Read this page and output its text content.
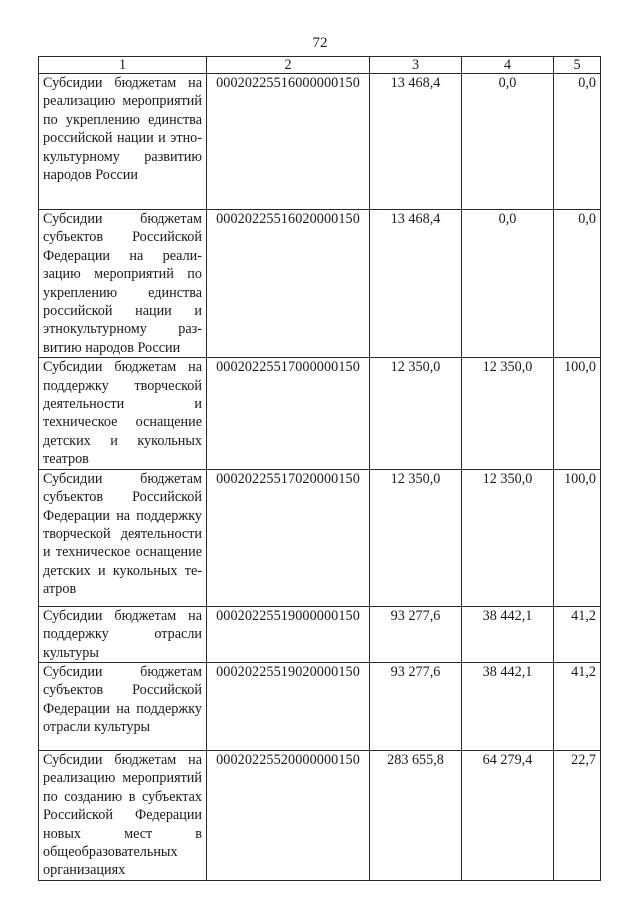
72
1	2	3	4	5
Субсидии бюджетам на реализацию мероприятий по укреплению единства российской нации и этнокультурному развитию народов России	00020225516000000150	13 468,4	0,0	0,0
Субсидии бюджетам субъектов Российской Федерации на реализацию мероприятий по укреплению единства российской нации и этнокультурному развитию народов России	00020225516020000150	13 468,4	0,0	0,0
Субсидии бюджетам на поддержку творческой деятельности и техническое оснащение детских и кукольных театров	00020225517000000150	12 350,0	12 350,0	100,0
Субсидии бюджетам субъектов Российской Федерации на поддержку творческой деятельности и техническое оснащение детских и кукольных театров	00020225517020000150	12 350,0	12 350,0	100,0
Субсидии бюджетам на поддержку отрасли культуры	00020225519000000150	93 277,6	38 442,1	41,2
Субсидии бюджетам субъектов Российской Федерации на поддержку отрасли культуры	00020225519020000150	93 277,6	38 442,1	41,2
Субсидии бюджетам на реализацию мероприятий по созданию в субъектах Российской Федерации новых мест в общеобразовательных организациях	00020225520000000150	283 655,8	64 279,4	22,7
